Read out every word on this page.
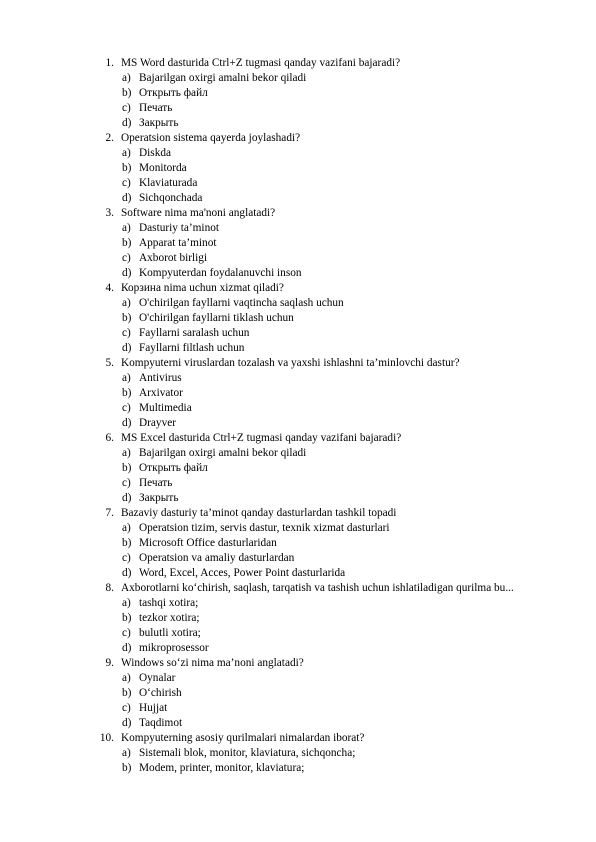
1. MS Word dasturida Ctrl+Z tugmasi qanday vazifani bajaradi?
a) Bajarilgan oxirgi amalni bekor qiladi
b) Открыть файл
c) Печать
d) Закрыть
2. Operatsion sistema qayerda joylashadi?
a) Diskda
b) Monitorda
c) Klaviaturada
d) Sichqonchada
3. Software nima ma'noni anglatadi?
a) Dasturiy ta’minot
b) Apparat ta’minot
c) Axborot birligi
d) Kompyuterdan foydalanuvchi inson
4. Корзина nima uchun xizmat qiladi?
a) O'chirilgan fayllarni vaqtincha saqlash uchun
b) O'chirilgan fayllarni tiklash uchun
c) Fayllarni saralash uchun
d) Fayllarni filtlash uchun
5. Kompyuterni viruslardan tozalash va yaxshi ishlashni ta’minlovchi dastur?
a) Antivirus
b) Arxivator
c) Multimedia
d) Drayver
6. MS Excel dasturida Ctrl+Z tugmasi qanday vazifani bajaradi?
a) Bajarilgan oxirgi amalni bekor qiladi
b) Открыть файл
c) Печать
d) Закрыть
7. Bazaviy dasturiy ta’minot qanday dasturlardan tashkil topadi
a) Operatsion tizim, servis dastur, texnik xizmat dasturlari
b) Microsoft Office dasturlaridan
c) Operatsion va amaliy dasturlardan
d) Word, Excel, Acces, Power Point dasturlarida
8. Axborotlarni ko‘chirish, saqlash, tarqatish va tashish uchun ishlatiladigan qurilma bu...
a) tashqi xotira;
b) tezkor xotira;
c) bulutli xotira;
d) mikroprosessor
9. Windows so‘zi nima ma’noni anglatadi?
a) Oynalar
b) O‘chirish
c) Hujjat
d) Taqdimot
10. Kompyuterning asosiy qurilmalari nimalardan iborat?
a) Sistemali blok, monitor, klaviatura, sichqoncha;
b) Modem, printer, monitor, klaviatura;
